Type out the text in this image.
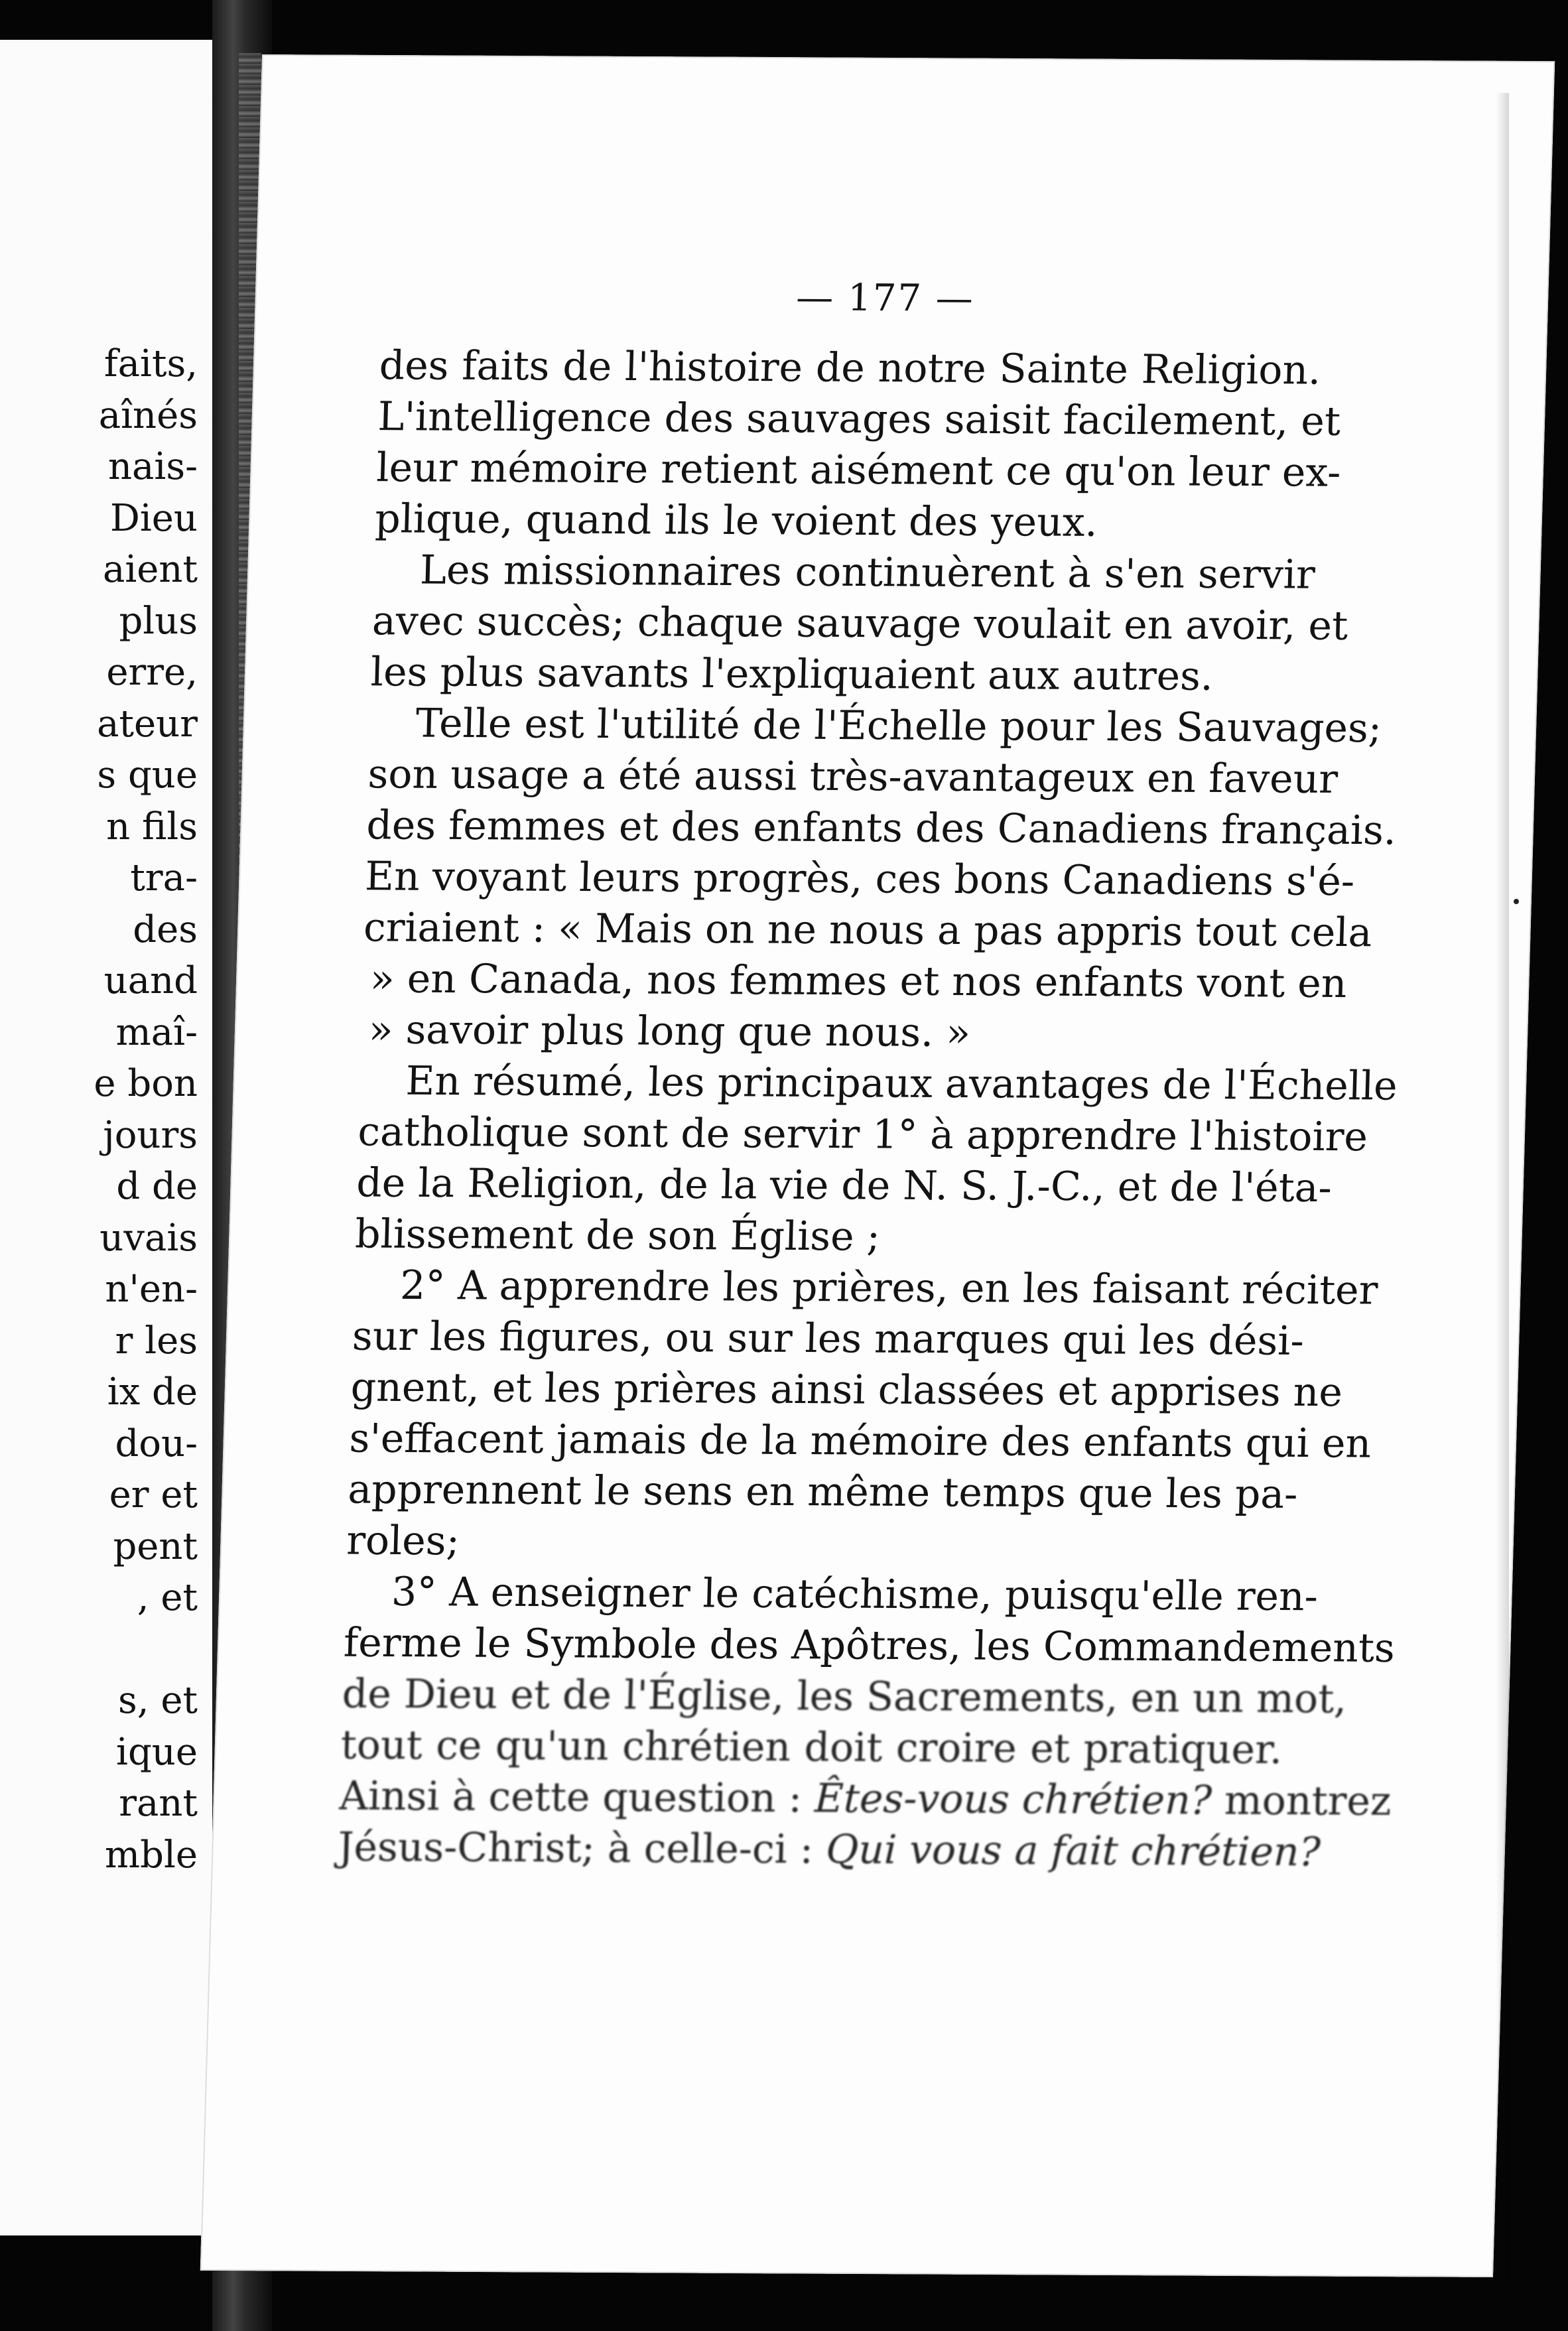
faits,
aînés
nais-
Dieu
aient
plus
erre,
ateur
s que
n fils
tra-
des
uand
maî-
e bon
jours
d de
uvais
n'en-
r les
ix de
dou-
er et
pent
, et
s, et
ique
rant
mble
— 177 —
des faits de l'histoire de notre Sainte Religion.
L'intelligence des sauvages saisit facilement, et
leur mémoire retient aisément ce qu'on leur ex-
plique, quand ils le voient des yeux.
Les missionnaires continuèrent à s'en servir
avec succès; chaque sauvage voulait en avoir, et
les plus savants l'expliquaient aux autres.
Telle est l'utilité de l'Échelle pour les Sauvages;
son usage a été aussi très-avantageux en faveur
des femmes et des enfants des Canadiens français.
En voyant leurs progrès, ces bons Canadiens s'é-
criaient : « Mais on ne nous a pas appris tout cela
» en Canada, nos femmes et nos enfants vont en
» savoir plus long que nous. »
En résumé, les principaux avantages de l'Échelle
catholique sont de servir 1° à apprendre l'histoire
de la Religion, de la vie de N. S. J.-C., et de l'éta-
blissement de son Église ;
2° A apprendre les prières, en les faisant réciter
sur les figures, ou sur les marques qui les dési-
gnent, et les prières ainsi classées et apprises ne
s'effacent jamais de la mémoire des enfants qui en
apprennent le sens en même temps que les pa-
roles;
3° A enseigner le catéchisme, puisqu'elle ren-
ferme le Symbole des Apôtres, les Commandements
de Dieu et de l'Église, les Sacrements, en un mot,
tout ce qu'un chrétien doit croire et pratiquer.
Ainsi à cette question : Êtes-vous chrétien? montrez
Jésus-Christ; à celle-ci : Qui vous a fait chrétien?
